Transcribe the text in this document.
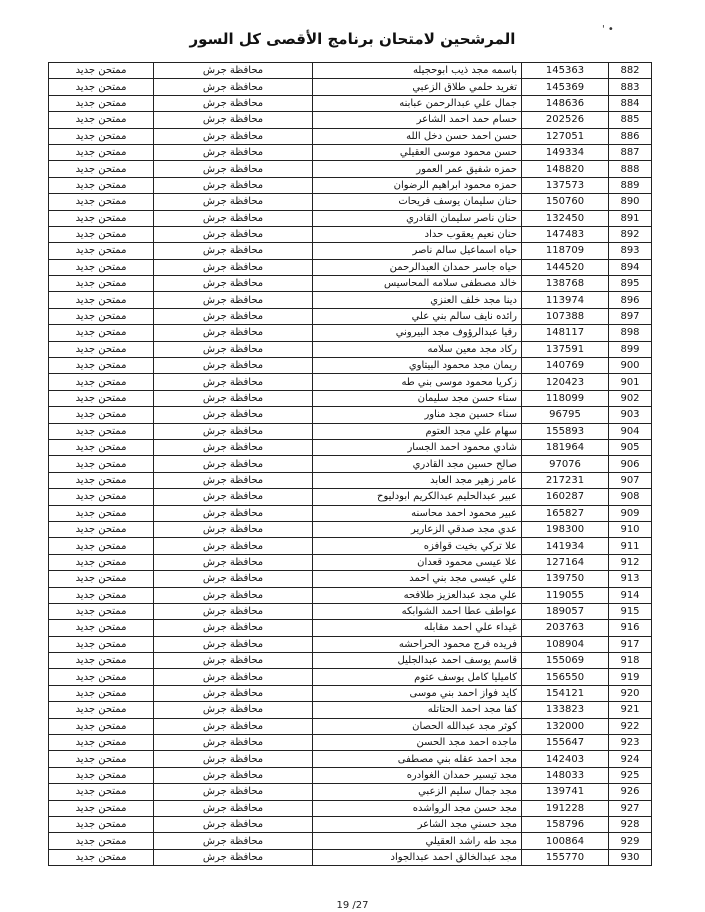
' •
المرشحين لامتحان برنامج الأقصى كل السور
882	145363	باسمه مجد ذيب ابوحجيله	محافظة جرش	ممتحن جديد
883	145369	تغريد حلمي طلاق الزعبي	محافظة جرش	ممتحن جديد
884	148636	جمال علي عبدالرحمن عبابنه	محافظة جرش	ممتحن جديد
885	202526	حسام حمد احمد الشاعر	محافظة جرش	ممتحن جديد
886	127051	حسن احمد حسن دخل الله	محافظة جرش	ممتحن جديد
887	149334	حسن محمود موسى العقيلي	محافظة جرش	ممتحن جديد
888	148820	حمزه شفيق عمر العمور	محافظة جرش	ممتحن جديد
889	137573	حمزه محمود ابراهيم الرضوان	محافظة جرش	ممتحن جديد
890	150760	حنان سليمان يوسف فريحات	محافظة جرش	ممتحن جديد
891	132450	حنان ناصر سليمان القادري	محافظة جرش	ممتحن جديد
892	147483	حنان نعيم يعقوب حداد	محافظة جرش	ممتحن جديد
893	118709	حياه اسماعيل سالم ناصر	محافظة جرش	ممتحن جديد
894	144520	حياه جاسر حمدان العبدالرحمن	محافظة جرش	ممتحن جديد
895	138768	خالد مصطفى سلامه المحاسيس	محافظة جرش	ممتحن جديد
896	113974	دينا مجد خلف العنزي	محافظة جرش	ممتحن جديد
897	107388	رائده نايف سالم بني علي	محافظة جرش	ممتحن جديد
898	148117	رقيا عبدالرؤوف مجد البيروني	محافظة جرش	ممتحن جديد
899	137591	ركاد مجد معين سلامه	محافظة جرش	ممتحن جديد
900	140769	ريمان مجد محمود البيتاوي	محافظة جرش	ممتحن جديد
901	120423	زكريا محمود موسى بني طه	محافظة جرش	ممتحن جديد
902	118099	سناء حسن مجد سليمان	محافظة جرش	ممتحن جديد
903	96795	سناء حسين مجد مناور	محافظة جرش	ممتحن جديد
904	155893	سهام علي مجد العتوم	محافظة جرش	ممتحن جديد
905	181964	شادي محمود احمد الجسار	محافظة جرش	ممتحن جديد
906	97076	صالح حسين مجد القادري	محافظة جرش	ممتحن جديد
907	217231	عامر زهير مجد العابد	محافظة جرش	ممتحن جديد
908	160287	عبير عبدالحليم عبدالكريم ابودليوح	محافظة جرش	ممتحن جديد
909	165827	عبير محمود احمد محاسنه	محافظة جرش	ممتحن جديد
910	198300	عدي مجد صدقي الزعارير	محافظة جرش	ممتحن جديد
911	141934	علا تركي بخيت قوافزه	محافظة جرش	ممتحن جديد
912	127164	علا عيسى محمود قعدان	محافظة جرش	ممتحن جديد
913	139750	علي عيسى مجد بني احمد	محافظة جرش	ممتحن جديد
914	119055	علي مجد عبدالعزيز طلافحه	محافظة جرش	ممتحن جديد
915	189057	عواطف عطا احمد الشوابكه	محافظة جرش	ممتحن جديد
916	203763	غيداء علي احمد مقابله	محافظة جرش	ممتحن جديد
917	108904	فريده فرج محمود الحراحشه	محافظة جرش	ممتحن جديد
918	155069	قاسم يوسف احمد عبدالجليل	محافظة جرش	ممتحن جديد
919	156550	كاميليا كامل يوسف عتوم	محافظة جرش	ممتحن جديد
920	154121	كايد فواز احمد بني موسى	محافظة جرش	ممتحن جديد
921	133823	كفا مجد احمد الحتاتله	محافظة جرش	ممتحن جديد
922	132000	كوثر مجد عبدالله الحصان	محافظة جرش	ممتحن جديد
923	155647	ماجده احمد مجد الحسن	محافظة جرش	ممتحن جديد
924	142403	مجد احمد عقله بني مصطفى	محافظة جرش	ممتحن جديد
925	148033	مجد تيسير حمدان الغوادره	محافظة جرش	ممتحن جديد
926	139741	مجد جمال سليم الزعبي	محافظة جرش	ممتحن جديد
927	191228	مجد حسن مجد الرواشده	محافظة جرش	ممتحن جديد
928	158796	مجد حسني مجد الشاعر	محافظة جرش	ممتحن جديد
929	100864	مجد طه راشد العقيلي	محافظة جرش	ممتحن جديد
930	155770	مجد عبدالخالق احمد عبدالجواد	محافظة جرش	ممتحن جديد
19 /27
